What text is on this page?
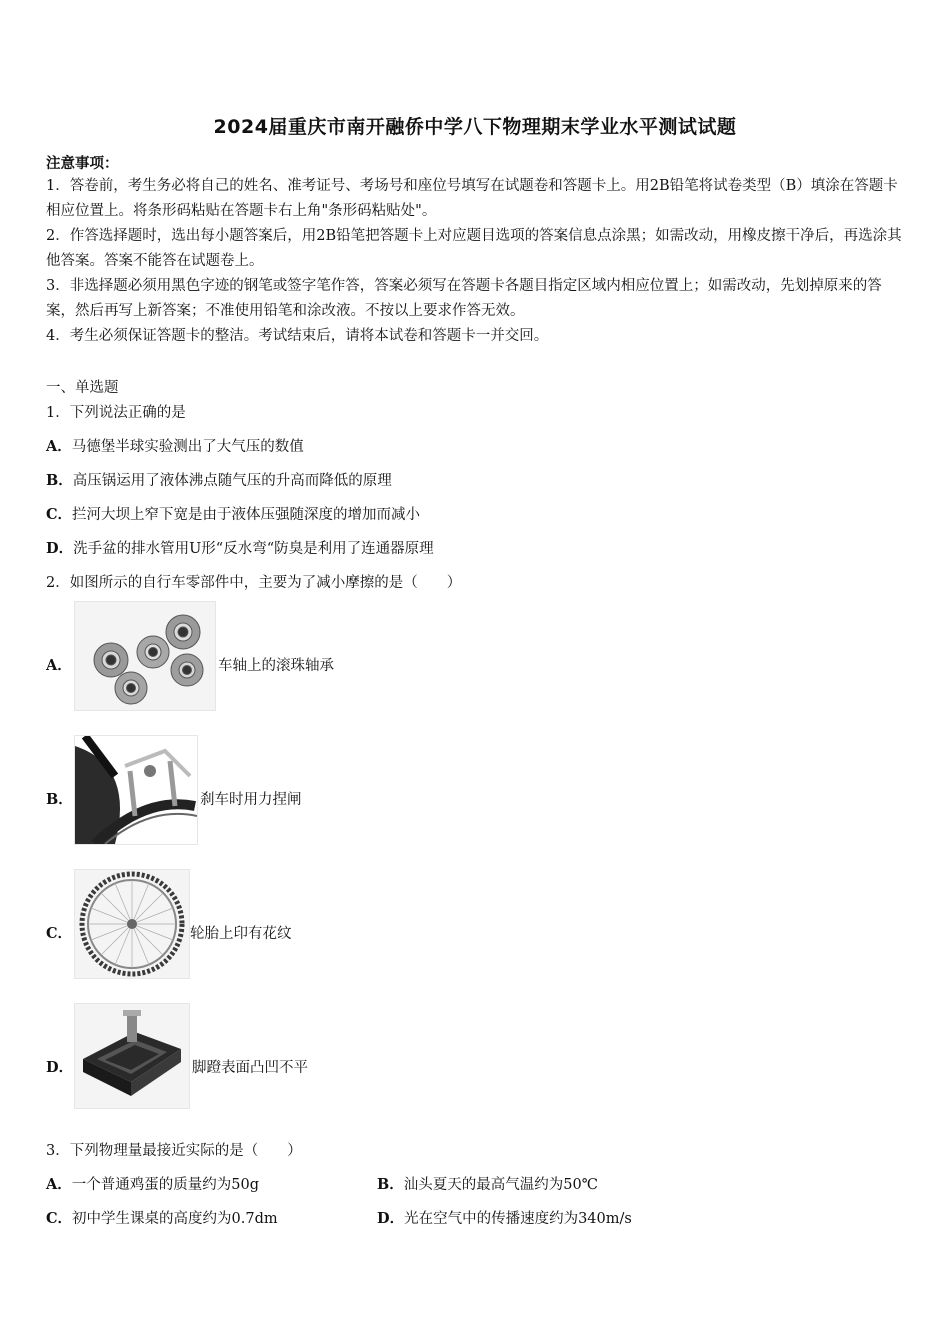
2024届重庆市南开融侨中学八下物理期末学业水平测试试题
注意事项：
1．答卷前，考生务必将自己的姓名、准考证号、考场号和座位号填写在试题卷和答题卡上。用2B铅笔将试卷类型（B）填涂在答题卡相应位置上。将条形码粘贴在答题卡右上角"条形码粘贴处"。
2．作答选择题时，选出每小题答案后，用2B铅笔把答题卡上对应题目选项的答案信息点涂黑；如需改动，用橡皮擦干净后，再选涂其他答案。答案不能答在试题卷上。
3．非选择题必须用黑色字迹的钢笔或签字笔作答，答案必须写在答题卡各题目指定区域内相应位置上；如需改动，先划掉原来的答案，然后再写上新答案；不准使用铅笔和涂改液。不按以上要求作答无效。
4．考生必须保证答题卡的整洁。考试结束后，请将本试卷和答题卡一并交回。
一、单选题
1．下列说法正确的是
A．马德堡半球实验测出了大气压的数值
B．高压锅运用了液体沸点随气压的升高而降低的原理
C．拦河大坝上窄下宽是由于液体压强随深度的增加而减小
D．洗手盆的排水管用U形“反水弯“防臭是利用了连通器原理
2．如图所示的自行车零部件中，主要为了减小摩擦的是（　　）
A．	车轴上的滚珠轴承
B．	刹车时用力捏闸
C．	轮胎上印有花纹
D．	脚蹬表面凸凹不平
3．下列物理量最接近实际的是（　　）
A．一个普通鸡蛋的质量约为50g	B．汕头夏天的最高气温约为50℃
C．初中学生课桌的高度约为0.7dm	D．光在空气中的传播速度约为340m/s
